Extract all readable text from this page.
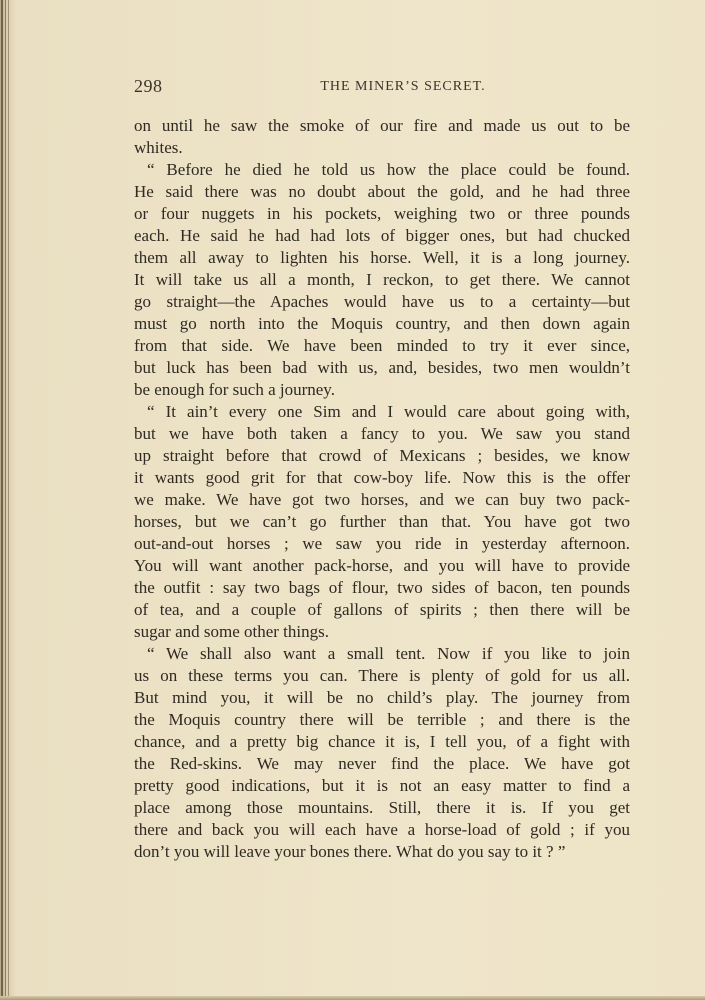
298	THE MINER’S SECRET.
on until he saw the smoke of our fire and made us out to be
whites.
“ Before he died he told us how the place could be found.
He said there was no doubt about the gold, and he had three
or four nuggets in his pockets, weighing two or three pounds
each. He said he had had lots of bigger ones, but had chucked
them all away to lighten his horse. Well, it is a long journey.
It will take us all a month, I reckon, to get there. We cannot
go straight—the Apaches would have us to a certainty—but
must go north into the Moquis country, and then down again
from that side. We have been minded to try it ever since,
but luck has been bad with us, and, besides, two men wouldn’t
be enough for such a journey.
“ It ain’t every one Sim and I would care about going with,
but we have both taken a fancy to you. We saw you stand
up straight before that crowd of Mexicans ; besides, we know
it wants good grit for that cow-boy life. Now this is the offer
we make. We have got two horses, and we can buy two pack-
horses, but we can’t go further than that. You have got two
out-and-out horses ; we saw you ride in yesterday afternoon.
You will want another pack-horse, and you will have to provide
the outfit : say two bags of flour, two sides of bacon, ten pounds
of tea, and a couple of gallons of spirits ; then there will be
sugar and some other things.
“ We shall also want a small tent. Now if you like to join
us on these terms you can. There is plenty of gold for us all.
But mind you, it will be no child’s play. The journey from
the Moquis country there will be terrible ; and there is the
chance, and a pretty big chance it is, I tell you, of a fight with
the Red-skins. We may never find the place. We have got
pretty good indications, but it is not an easy matter to find a
place among those mountains. Still, there it is. If you get
there and back you will each have a horse-load of gold ; if you
don’t you will leave your bones there. What do you say to it ? ”
